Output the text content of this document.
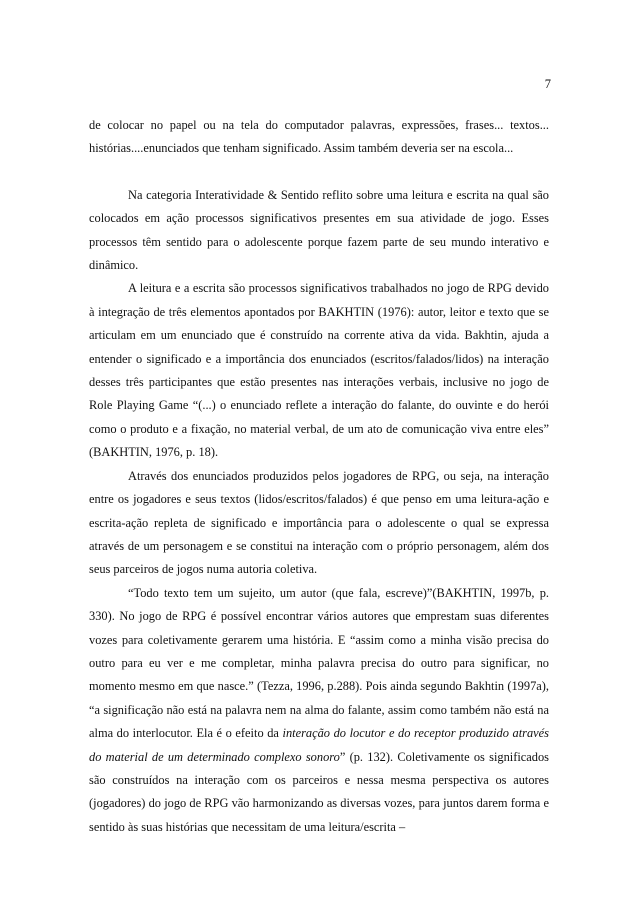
7

de colocar no papel ou na tela do computador palavras, expressões, frases... textos... histórias....enunciados que tenham significado. Assim também deveria ser na escola...

Na categoria Interatividade & Sentido reflito sobre uma leitura e escrita na qual são colocados em ação processos significativos presentes em sua atividade de jogo. Esses processos têm sentido para o adolescente porque fazem parte de seu mundo interativo e dinâmico.

A leitura e a escrita são processos significativos trabalhados no jogo de RPG devido à integração de três elementos apontados por BAKHTIN (1976): autor, leitor e texto que se articulam em um enunciado que é construído na corrente ativa da vida. Bakhtin, ajuda a entender o significado e a importância dos enunciados (escritos/falados/lidos) na interação desses três participantes que estão presentes nas interações verbais, inclusive no jogo de Role Playing Game “(...) o enunciado reflete a interação do falante, do ouvinte e do herói como o produto e a fixação, no material verbal, de um ato de comunicação viva entre eles” (BAKHTIN, 1976, p. 18).

Através dos enunciados produzidos pelos jogadores de RPG, ou seja, na interação entre os jogadores e seus textos (lidos/escritos/falados) é que penso em uma leitura-ação e escrita-ação repleta de significado e importância para o adolescente o qual se expressa através de um personagem e se constitui na interação com o próprio personagem, além dos seus parceiros de jogos numa autoria coletiva.

“Todo texto tem um sujeito, um autor (que fala, escreve)”(BAKHTIN, 1997b, p. 330). No jogo de RPG é possível encontrar vários autores que emprestam suas diferentes vozes para coletivamente gerarem uma história. E “assim como a minha visão precisa do outro para eu ver e me completar, minha palavra precisa do outro para significar, no momento mesmo em que nasce.” (Tezza, 1996, p.288). Pois ainda segundo Bakhtin (1997a), “a significação não está na palavra nem na alma do falante, assim como também não está na alma do interlocutor. Ela é o efeito da interação do locutor e do receptor produzido através do material de um determinado complexo sonoro” (p. 132). Coletivamente os significados são construídos na interação com os parceiros e nessa mesma perspectiva os autores (jogadores) do jogo de RPG vão harmonizando as diversas vozes, para juntos darem forma e sentido às suas histórias que necessitam de uma leitura/escrita –
